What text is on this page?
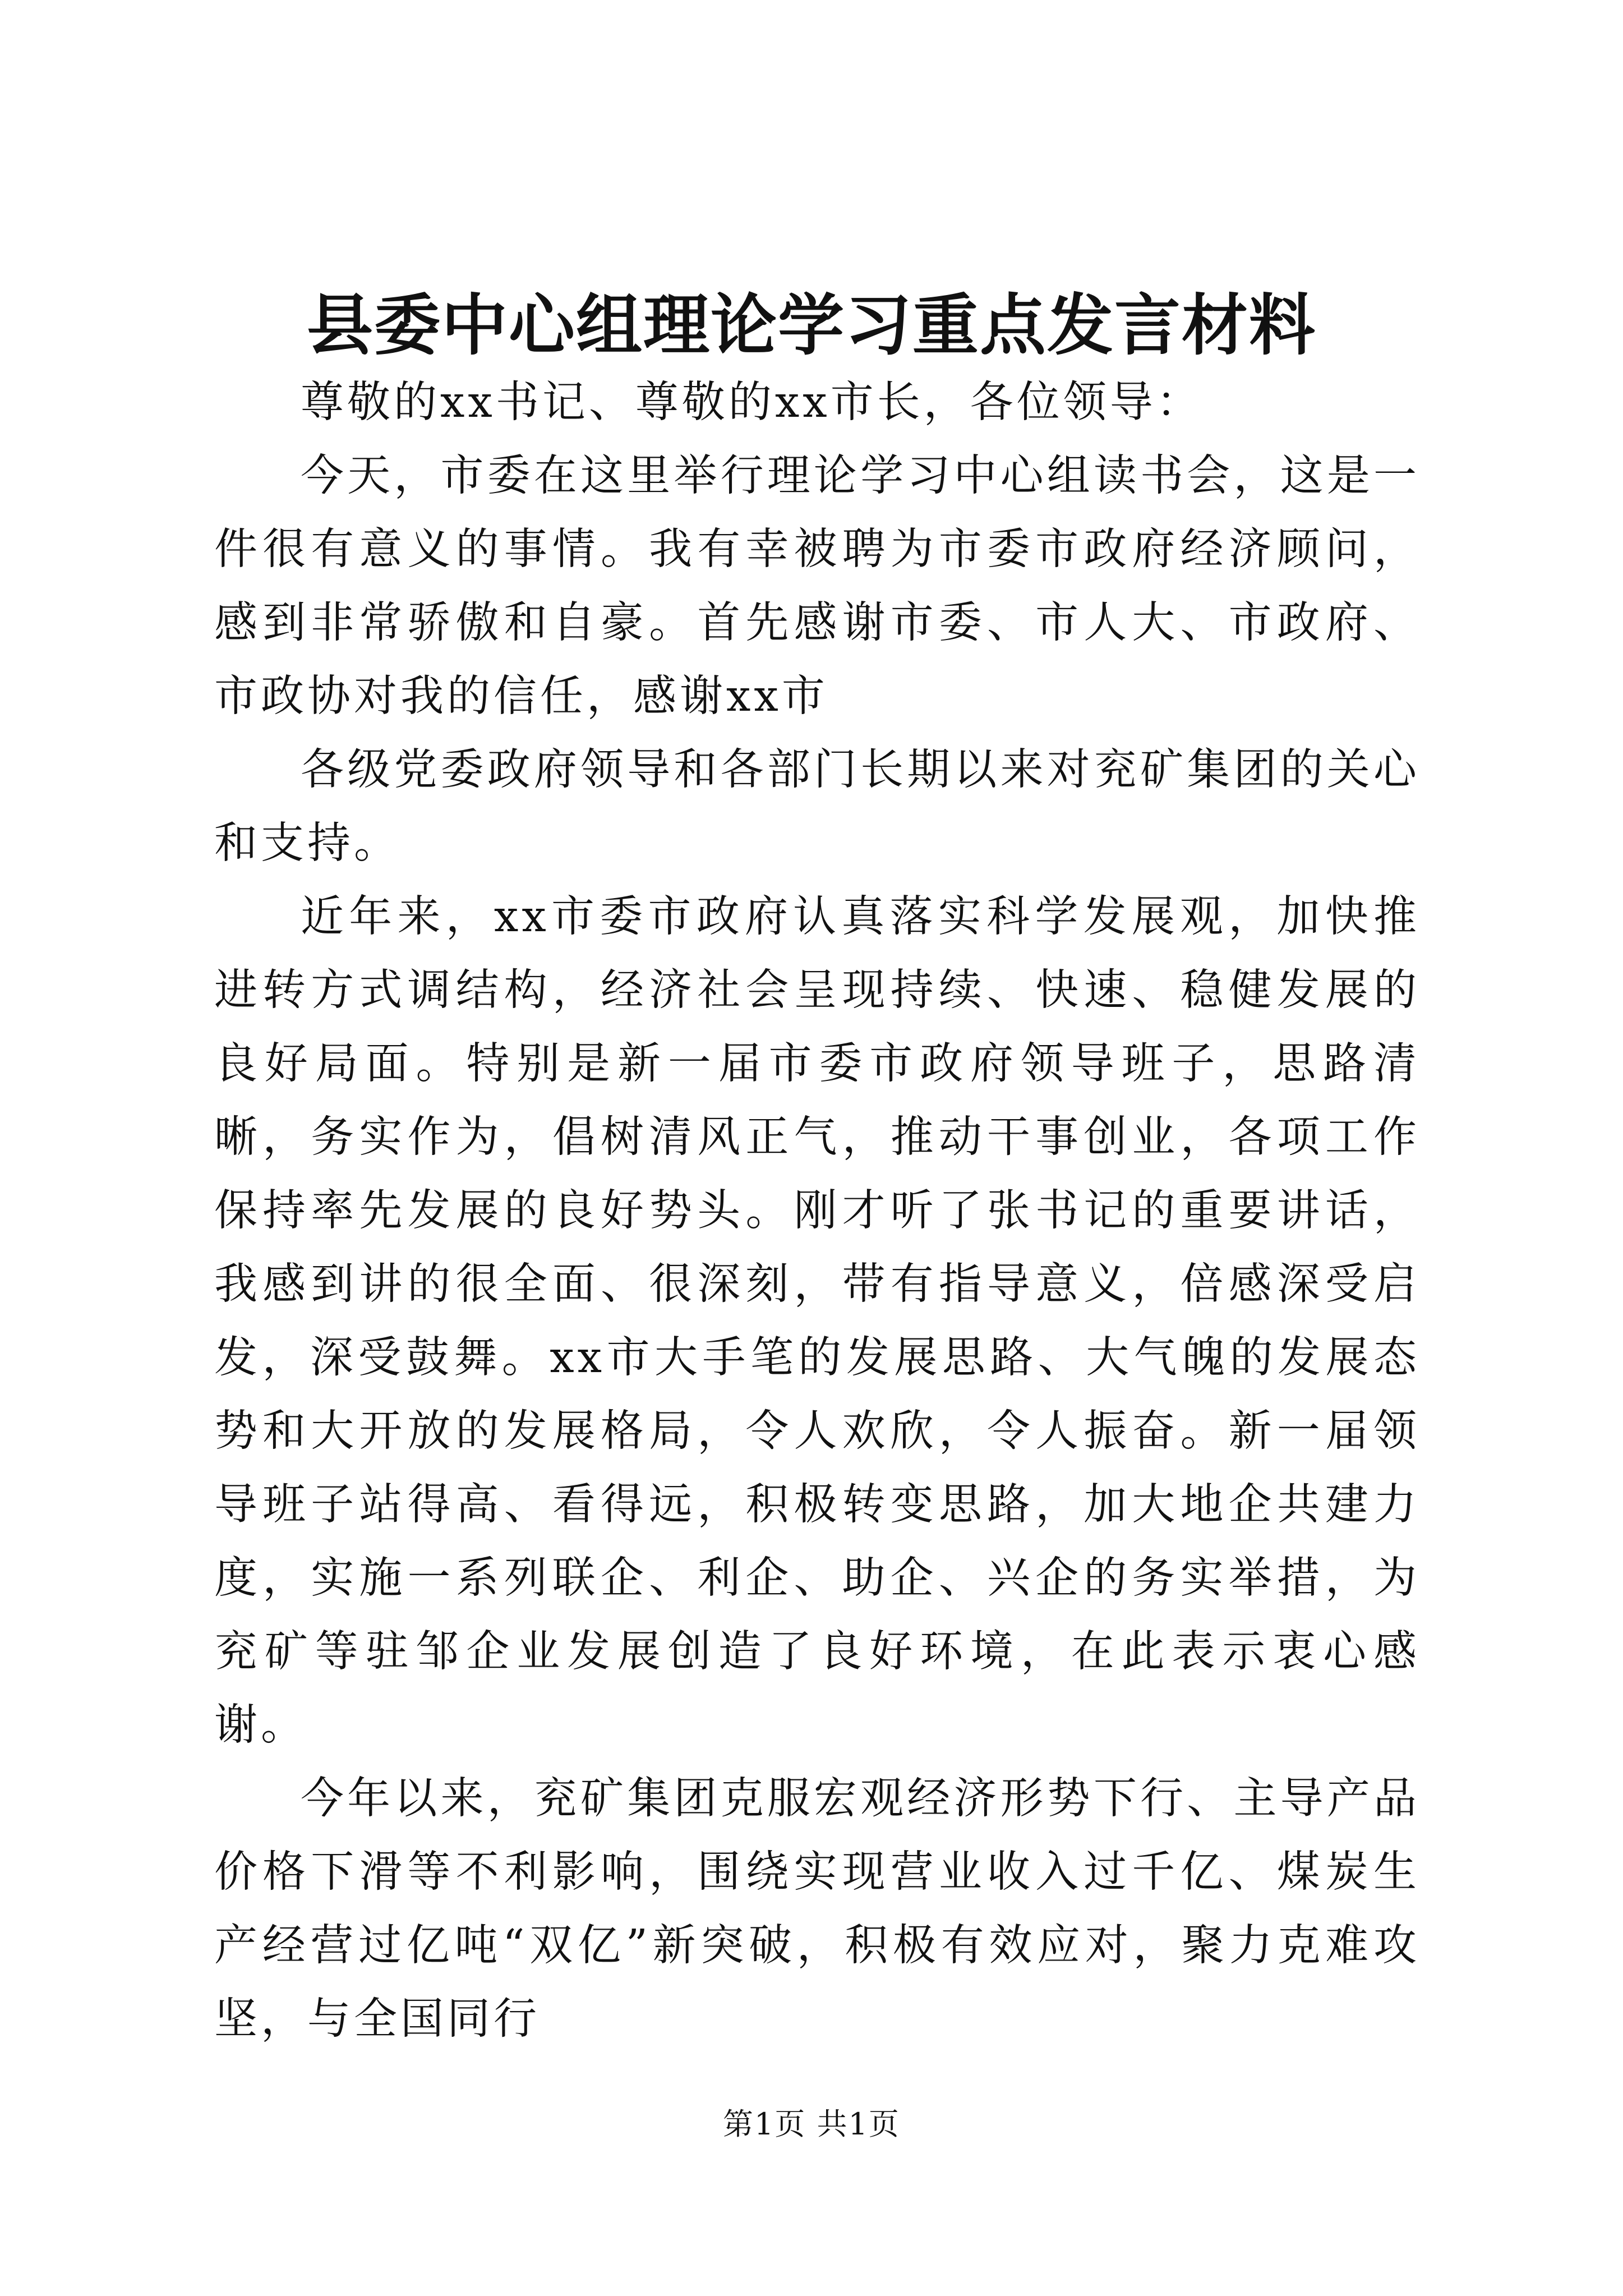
县委中心组理论学习重点发言材料

尊敬的xx书记、尊敬的xx市长，各位领导：

今天，市委在这里举行理论学习中心组读书会，这是一件很有意义的事情。我有幸被聘为市委市政府经济顾问，感到非常骄傲和自豪。首先感谢市委、市人大、市政府、市政协对我的信任，感谢xx市

各级党委政府领导和各部门长期以来对兖矿集团的关心和支持。

近年来，xx市委市政府认真落实科学发展观，加快推进转方式调结构，经济社会呈现持续、快速、稳健发展的良好局面。特别是新一届市委市政府领导班子，思路清晰，务实作为，倡树清风正气，推动干事创业，各项工作保持率先发展的良好势头。刚才听了张书记的重要讲话，我感到讲的很全面、很深刻，带有指导意义，倍感深受启发，深受鼓舞。xx市大手笔的发展思路、大气魄的发展态势和大开放的发展格局，令人欢欣，令人振奋。新一届领导班子站得高、看得远，积极转变思路，加大地企共建力度，实施一系列联企、利企、助企、兴企的务实举措，为兖矿等驻邹企业发展创造了良好环境，在此表示衷心感谢。

今年以来，兖矿集团克服宏观经济形势下行、主导产品价格下滑等不利影响，围绕实现营业收入过千亿、煤炭生产经营过亿吨“双亿”新突破，积极有效应对，聚力克难攻坚，与全国同行

第1页 共1页
